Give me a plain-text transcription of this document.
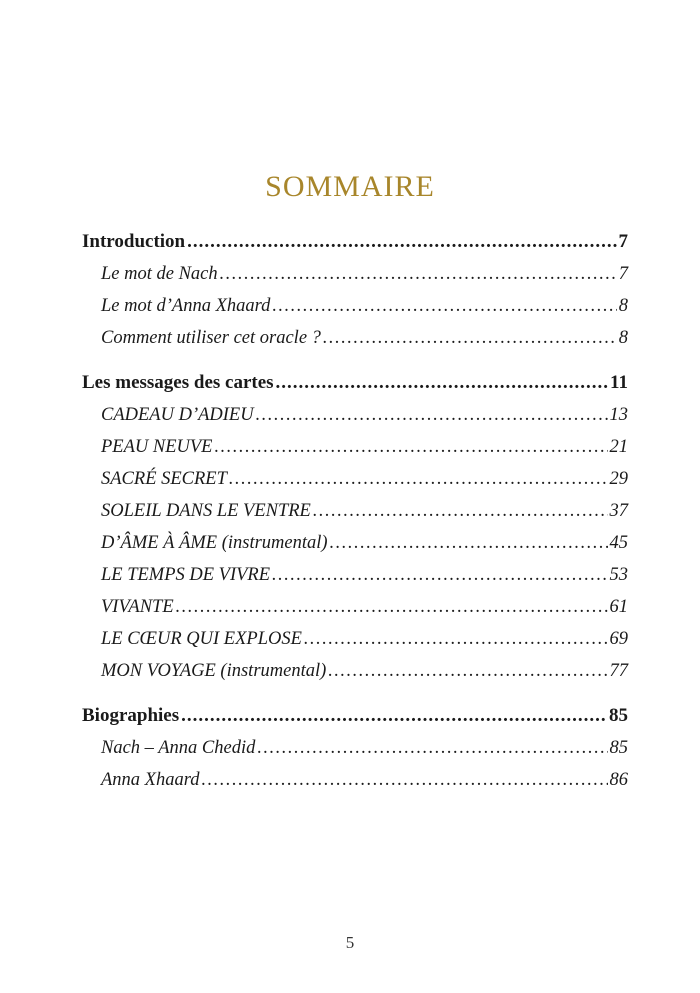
SOMMAIRE
Introduction .....	7
Le mot de Nach .....	7
Le mot d’Anna Xhaard .....	8
Comment utiliser cet oracle ? .....	8
Les messages des cartes .....	11
CADEAU D’ADIEU .....	13
PEAU NEUVE .....	21
SACRÉ SECRET .....	29
SOLEIL DANS LE VENTRE .....	37
D’ÂME À ÂME (instrumental) .....	45
LE TEMPS DE VIVRE .....	53
VIVANTE .....	61
LE CŒUR QUI EXPLOSE .....	69
MON VOYAGE (instrumental) .....	77
Biographies .....	85
Nach – Anna Chedid .....	85
Anna Xhaard .....	86
5
